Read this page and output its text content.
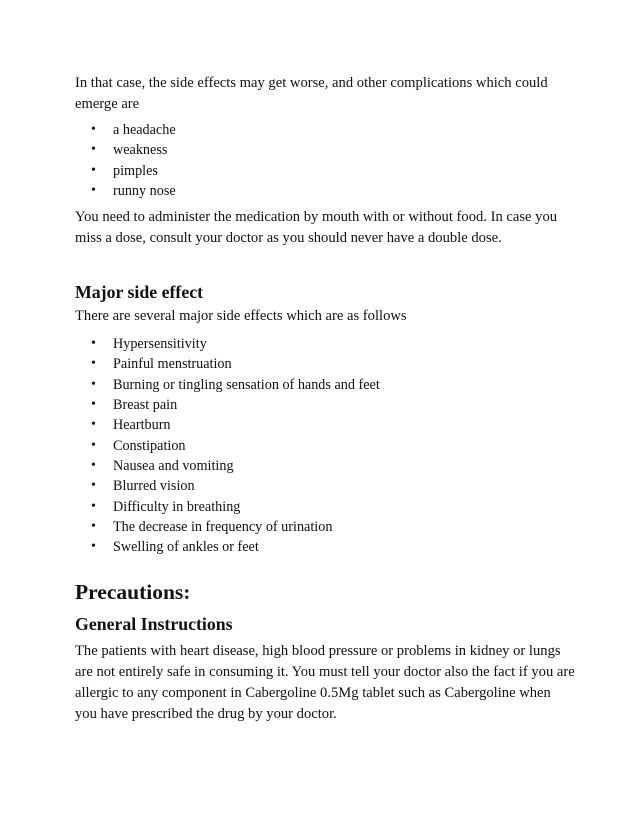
In that case, the side effects may get worse, and other complications which could emerge are

• a headache
• weakness
• pimples
• runny nose

You need to administer the medication by mouth with or without food. In case you miss a dose, consult your doctor as you should never have a double dose.

Major side effect

There are several major side effects which are as follows

• Hypersensitivity
• Painful menstruation
• Burning or tingling sensation of hands and feet
• Breast pain
• Heartburn
• Constipation
• Nausea and vomiting
• Blurred vision
• Difficulty in breathing
• The decrease in frequency of urination
• Swelling of ankles or feet
Precautions:
General Instructions

The patients with heart disease, high blood pressure or problems in kidney or lungs are not entirely safe in consuming it. You must tell your doctor also the fact if you are allergic to any component in Cabergoline 0.5Mg tablet such as Cabergoline when you have prescribed the drug by your doctor.
